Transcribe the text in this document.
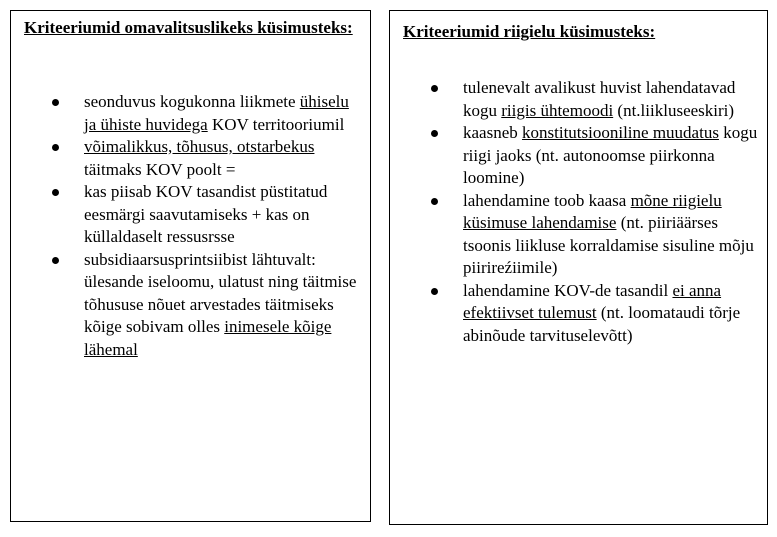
Kriteeriumid omavalitsuslikeks küsimusteks:
seonduvus kogukonna liikmete ühiselu ja ühiste huvidega KOV territooriumil
võimalikkus, tõhusus, otstarbekus täitmaks KOV poolt =
kas piisab KOV tasandist püstitatud eesmärgi saavutamiseks + kas on küllaldaselt ressusrsse
subsidiaarsusprintsiibist lähtuvalt: ülesande iseloomu, ulatust ning täitmise tõhususe nõuet arvestades täitmiseks kõige sobivam olles inimesele kõige lähemal
Kriteeriumid riigielu küsimusteks:
tulenevalt avalikust huvist lahendatavad kogu riigis ühtemoodi (nt.liikluseeskiri)
kaasneb konstitutsiooniline muudatus kogu riigi jaoks (nt. autonoomse piirkonna loomine)
lahendamine toob kaasa mõne riigielu küsimuse lahendamise (nt. piiriäärses tsoonis liikluse korraldamise sisuline mõju piirireźiimile)
lahendamine KOV-de tasandil ei anna efektiivset tulemust (nt. loomataudi tõrje abinõude tarvituselevõtt)
